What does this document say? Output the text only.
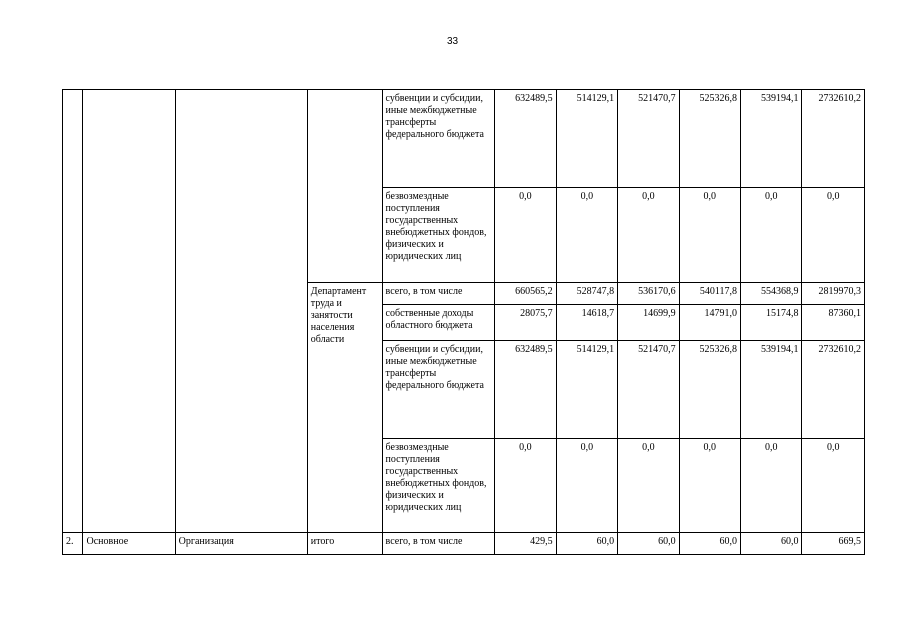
33
				субвенции и субсидии, иные межбюджетные трансферты федерального бюджета	632489,5	514129,1	521470,7	525326,8	539194,1	2732610,2
				безвозмездные поступления государственных внебюджетных фондов, физических и юридических лиц	0,0	0,0	0,0	0,0	0,0	0,0
			Департамент труда и занятости населения области	всего, в том числе	660565,2	528747,8	536170,6	540117,8	554368,9	2819970,3
				собственные доходы областного бюджета	28075,7	14618,7	14699,9	14791,0	15174,8	87360,1
				субвенции и субсидии, иные межбюджетные трансферты федерального бюджета	632489,5	514129,1	521470,7	525326,8	539194,1	2732610,2
				безвозмездные поступления государственных внебюджетных фондов, физических и юридических лиц	0,0	0,0	0,0	0,0	0,0	0,0
2.	Основное	Организация	итого	всего, в том числе	429,5	60,0	60,0	60,0	60,0	669,5
